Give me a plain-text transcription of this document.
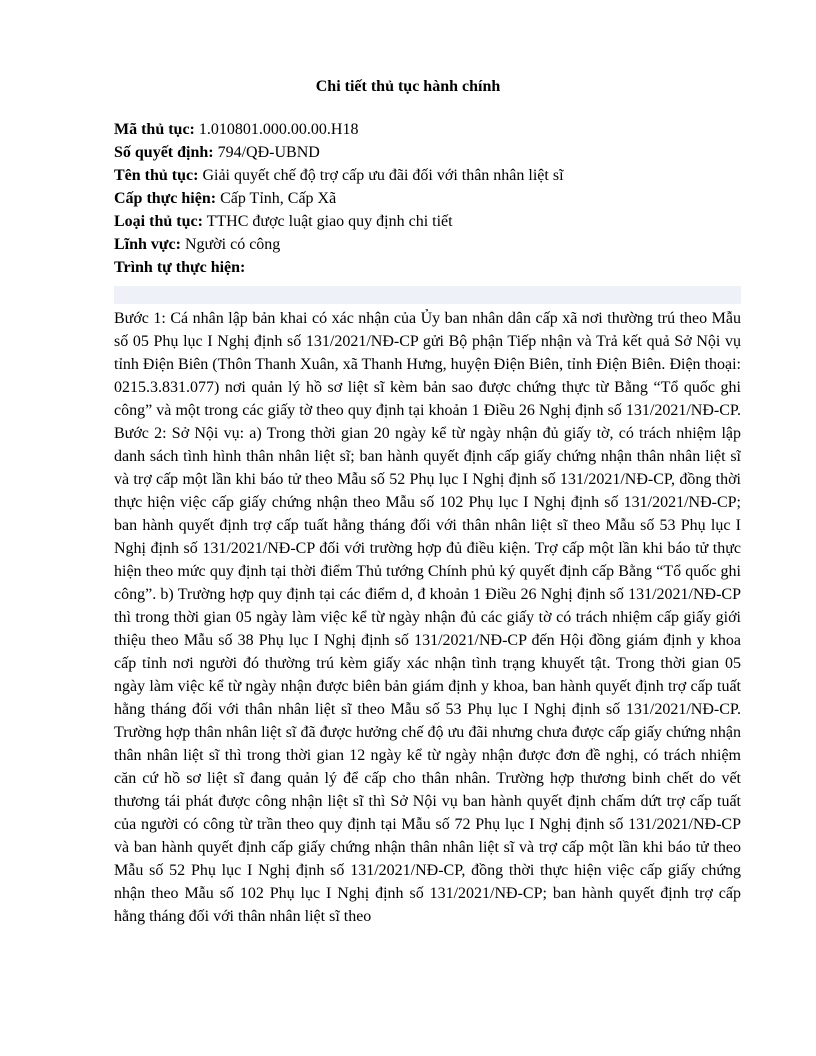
Chi tiết thủ tục hành chính
Mã thủ tục: 1.010801.000.00.00.H18
Số quyết định: 794/QĐ-UBND
Tên thủ tục: Giải quyết chế độ trợ cấp ưu đãi đối với thân nhân liệt sĩ
Cấp thực hiện: Cấp Tỉnh, Cấp Xã
Loại thủ tục: TTHC được luật giao quy định chi tiết
Lĩnh vực: Người có công
Trình tự thực hiện:
Bước 1: Cá nhân lập bản khai có xác nhận của Ủy ban nhân dân cấp xã nơi thường trú theo Mẫu số 05 Phụ lục I Nghị định số 131/2021/NĐ-CP gửi Bộ phận Tiếp nhận và Trả kết quả Sở Nội vụ tỉnh Điện Biên (Thôn Thanh Xuân, xã Thanh Hưng, huyện Điện Biên, tỉnh Điện Biên. Điện thoại: 0215.3.831.077) nơi quản lý hồ sơ liệt sĩ kèm bản sao được chứng thực từ Bằng “Tổ quốc ghi công” và một trong các giấy tờ theo quy định tại khoản 1 Điều 26 Nghị định số 131/2021/NĐ-CP. Bước 2: Sở Nội vụ: a) Trong thời gian 20 ngày kể từ ngày nhận đủ giấy tờ, có trách nhiệm lập danh sách tình hình thân nhân liệt sĩ; ban hành quyết định cấp giấy chứng nhận thân nhân liệt sĩ và trợ cấp một lần khi báo tử theo Mẫu số 52 Phụ lục I Nghị định số 131/2021/NĐ-CP, đồng thời thực hiện việc cấp giấy chứng nhận theo Mẫu số 102 Phụ lục I Nghị định số 131/2021/NĐ-CP; ban hành quyết định trợ cấp tuất hằng tháng đối với thân nhân liệt sĩ theo Mẫu số 53 Phụ lục I Nghị định số 131/2021/NĐ-CP đối với trường hợp đủ điều kiện. Trợ cấp một lần khi báo tử thực hiện theo mức quy định tại thời điểm Thủ tướng Chính phủ ký quyết định cấp Bằng “Tổ quốc ghi công”. b) Trường hợp quy định tại các điểm d, đ khoản 1 Điều 26 Nghị định số 131/2021/NĐ-CP thì trong thời gian 05 ngày làm việc kể từ ngày nhận đủ các giấy tờ có trách nhiệm cấp giấy giới thiệu theo Mẫu số 38 Phụ lục I Nghị định số 131/2021/NĐ-CP đến Hội đồng giám định y khoa cấp tỉnh nơi người đó thường trú kèm giấy xác nhận tình trạng khuyết tật. Trong thời gian 05 ngày làm việc kể từ ngày nhận được biên bản giám định y khoa, ban hành quyết định trợ cấp tuất hằng tháng đối với thân nhân liệt sĩ theo Mẫu số 53 Phụ lục I Nghị định số 131/2021/NĐ-CP. Trường hợp thân nhân liệt sĩ đã được hưởng chế độ ưu đãi nhưng chưa được cấp giấy chứng nhận thân nhân liệt sĩ thì trong thời gian 12 ngày kể từ ngày nhận được đơn đề nghị, có trách nhiệm căn cứ hồ sơ liệt sĩ đang quản lý để cấp cho thân nhân. Trường hợp thương binh chết do vết thương tái phát được công nhận liệt sĩ thì Sở Nội vụ ban hành quyết định chấm dứt trợ cấp tuất của người có công từ trần theo quy định tại Mẫu số 72 Phụ lục I Nghị định số 131/2021/NĐ-CP và ban hành quyết định cấp giấy chứng nhận thân nhân liệt sĩ và trợ cấp một lần khi báo tử theo Mẫu số 52 Phụ lục I Nghị định số 131/2021/NĐ-CP, đồng thời thực hiện việc cấp giấy chứng nhận theo Mẫu số 102 Phụ lục I Nghị định số 131/2021/NĐ-CP; ban hành quyết định trợ cấp hằng tháng đối với thân nhân liệt sĩ theo
